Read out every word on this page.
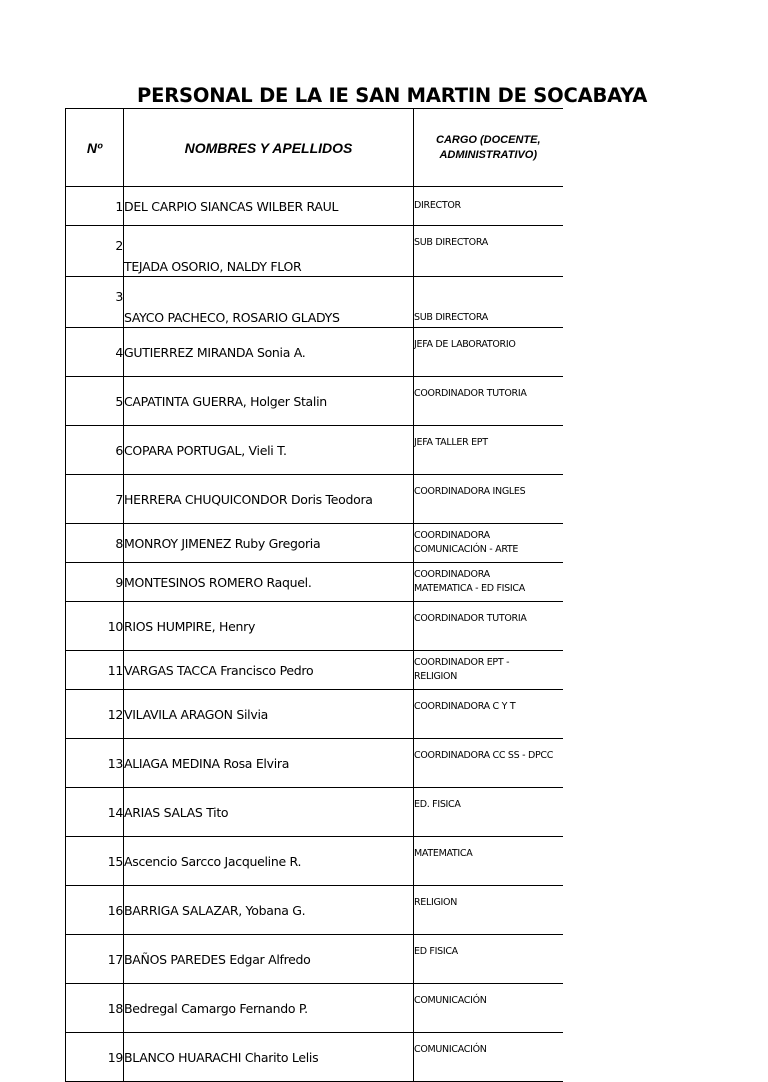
PERSONAL DE LA IE SAN MARTIN DE SOCABAYA
Nº	NOMBRES Y APELLIDOS	CARGO (DOCENTE,
ADMINISTRATIVO)

1	DEL CARPIO SIANCAS WILBER RAUL	DIRECTOR

2	TEJADA OSORIO, NALDY FLOR	SUB DIRECTORA

3	SAYCO PACHECO, ROSARIO GLADYS	SUB DIRECTORA

4	GUTIERREZ MIRANDA Sonia A.	JEFA DE LABORATORIO

5	CAPATINTA GUERRA, Holger Stalin	COORDINADOR TUTORIA

6	COPARA PORTUGAL, Vieli T.	JEFA TALLER EPT

7	HERRERA CHUQUICONDOR Doris Teodora	COORDINADORA INGLES

8	MONROY JIMENEZ Ruby Gregoria	COORDINADORA
COMUNICACIÓN - ARTE

9	MONTESINOS ROMERO Raquel.	COORDINADORA
MATEMATICA - ED FISICA

10	RIOS HUMPIRE, Henry	COORDINADOR TUTORIA

11	VARGAS TACCA Francisco Pedro	COORDINADOR EPT -
RELIGION

12	VILAVILA ARAGON Silvia	COORDINADORA C Y T

13	ALIAGA MEDINA Rosa Elvira	COORDINADORA CC SS - DPCC

14	ARIAS SALAS Tito	ED. FISICA

15	Ascencio Sarcco Jacqueline R.	MATEMATICA

16	BARRIGA SALAZAR, Yobana G.	RELIGION

17	BAÑOS PAREDES Edgar Alfredo	ED FISICA

18	Bedregal Camargo Fernando P.	COMUNICACIÓN

19	BLANCO HUARACHI Charito Lelis	COMUNICACIÓN
